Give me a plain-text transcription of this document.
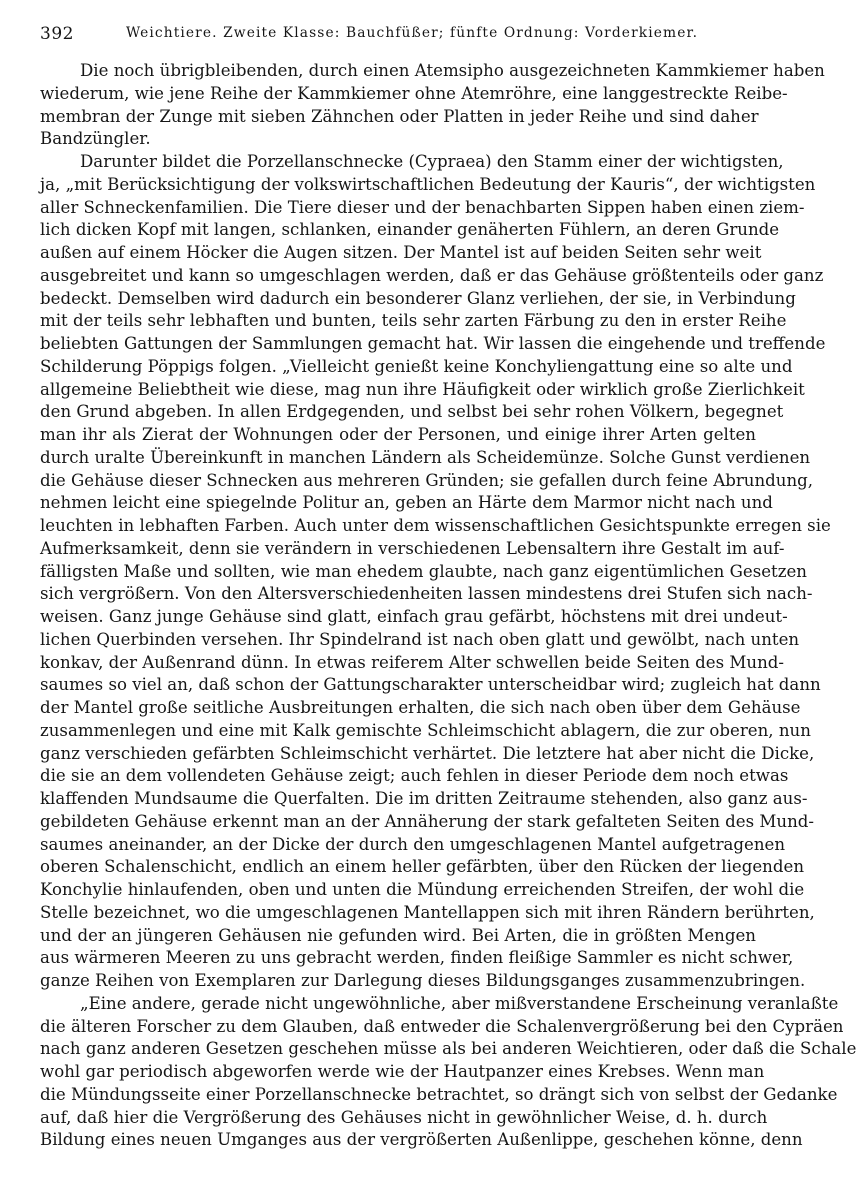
392	Weichtiere. Zweite Klasse: Bauchfüßer; fünfte Ordnung: Vorderkiemer.
Die noch übrigbleibenden, durch einen Atemsipho ausgezeichneten Kammkiemer haben
wiederum, wie jene Reihe der Kammkiemer ohne Atemröhre, eine langgestreckte Reibe-
membran der Zunge mit sieben Zähnchen oder Platten in jeder Reihe und sind daher
Bandzüngler.
Darunter bildet die Porzellanschnecke (Cypraea) den Stamm einer der wichtigsten,
ja, „mit Berücksichtigung der volkswirtschaftlichen Bedeutung der Kauris“, der wichtigsten
aller Schneckenfamilien. Die Tiere dieser und der benachbarten Sippen haben einen ziem-
lich dicken Kopf mit langen, schlanken, einander genäherten Fühlern, an deren Grunde
außen auf einem Höcker die Augen sitzen. Der Mantel ist auf beiden Seiten sehr weit
ausgebreitet und kann so umgeschlagen werden, daß er das Gehäuse größtenteils oder ganz
bedeckt. Demselben wird dadurch ein besonderer Glanz verliehen, der sie, in Verbindung
mit der teils sehr lebhaften und bunten, teils sehr zarten Färbung zu den in erster Reihe
beliebten Gattungen der Sammlungen gemacht hat. Wir lassen die eingehende und treffende
Schilderung Pöppigs folgen. „Vielleicht genießt keine Konchyliengattung eine so alte und
allgemeine Beliebtheit wie diese, mag nun ihre Häufigkeit oder wirklich große Zierlichkeit
den Grund abgeben. In allen Erdgegenden, und selbst bei sehr rohen Völkern, begegnet
man ihr als Zierat der Wohnungen oder der Personen, und einige ihrer Arten gelten
durch uralte Übereinkunft in manchen Ländern als Scheidemünze. Solche Gunst verdienen
die Gehäuse dieser Schnecken aus mehreren Gründen; sie gefallen durch feine Abrundung,
nehmen leicht eine spiegelnde Politur an, geben an Härte dem Marmor nicht nach und
leuchten in lebhaften Farben. Auch unter dem wissenschaftlichen Gesichtspunkte erregen sie
Aufmerksamkeit, denn sie verändern in verschiedenen Lebensaltern ihre Gestalt im auf-
fälligsten Maße und sollten, wie man ehedem glaubte, nach ganz eigentümlichen Gesetzen
sich vergrößern. Von den Altersverschiedenheiten lassen mindestens drei Stufen sich nach-
weisen. Ganz junge Gehäuse sind glatt, einfach grau gefärbt, höchstens mit drei undeut-
lichen Querbinden versehen. Ihr Spindelrand ist nach oben glatt und gewölbt, nach unten
konkav, der Außenrand dünn. In etwas reiferem Alter schwellen beide Seiten des Mund-
saumes so viel an, daß schon der Gattungscharakter unterscheidbar wird; zugleich hat dann
der Mantel große seitliche Ausbreitungen erhalten, die sich nach oben über dem Gehäuse
zusammenlegen und eine mit Kalk gemischte Schleimschicht ablagern, die zur oberen, nun
ganz verschieden gefärbten Schleimschicht verhärtet. Die letztere hat aber nicht die Dicke,
die sie an dem vollendeten Gehäuse zeigt; auch fehlen in dieser Periode dem noch etwas
klaffenden Mundsaume die Querfalten. Die im dritten Zeitraume stehenden, also ganz aus-
gebildeten Gehäuse erkennt man an der Annäherung der stark gefalteten Seiten des Mund-
saumes aneinander, an der Dicke der durch den umgeschlagenen Mantel aufgetragenen
oberen Schalenschicht, endlich an einem heller gefärbten, über den Rücken der liegenden
Konchylie hinlaufenden, oben und unten die Mündung erreichenden Streifen, der wohl die
Stelle bezeichnet, wo die umgeschlagenen Mantellappen sich mit ihren Rändern berührten,
und der an jüngeren Gehäusen nie gefunden wird. Bei Arten, die in größten Mengen
aus wärmeren Meeren zu uns gebracht werden, finden fleißige Sammler es nicht schwer,
ganze Reihen von Exemplaren zur Darlegung dieses Bildungsganges zusammenzubringen.
„Eine andere, gerade nicht ungewöhnliche, aber mißverstandene Erscheinung veranlaßte
die älteren Forscher zu dem Glauben, daß entweder die Schalenvergrößerung bei den Cypräen
nach ganz anderen Gesetzen geschehen müsse als bei anderen Weichtieren, oder daß die Schale
wohl gar periodisch abgeworfen werde wie der Hautpanzer eines Krebses. Wenn man
die Mündungsseite einer Porzellanschnecke betrachtet, so drängt sich von selbst der Gedanke
auf, daß hier die Vergrößerung des Gehäuses nicht in gewöhnlicher Weise, d. h. durch
Bildung eines neuen Umganges aus der vergrößerten Außenlippe, geschehen könne, denn
